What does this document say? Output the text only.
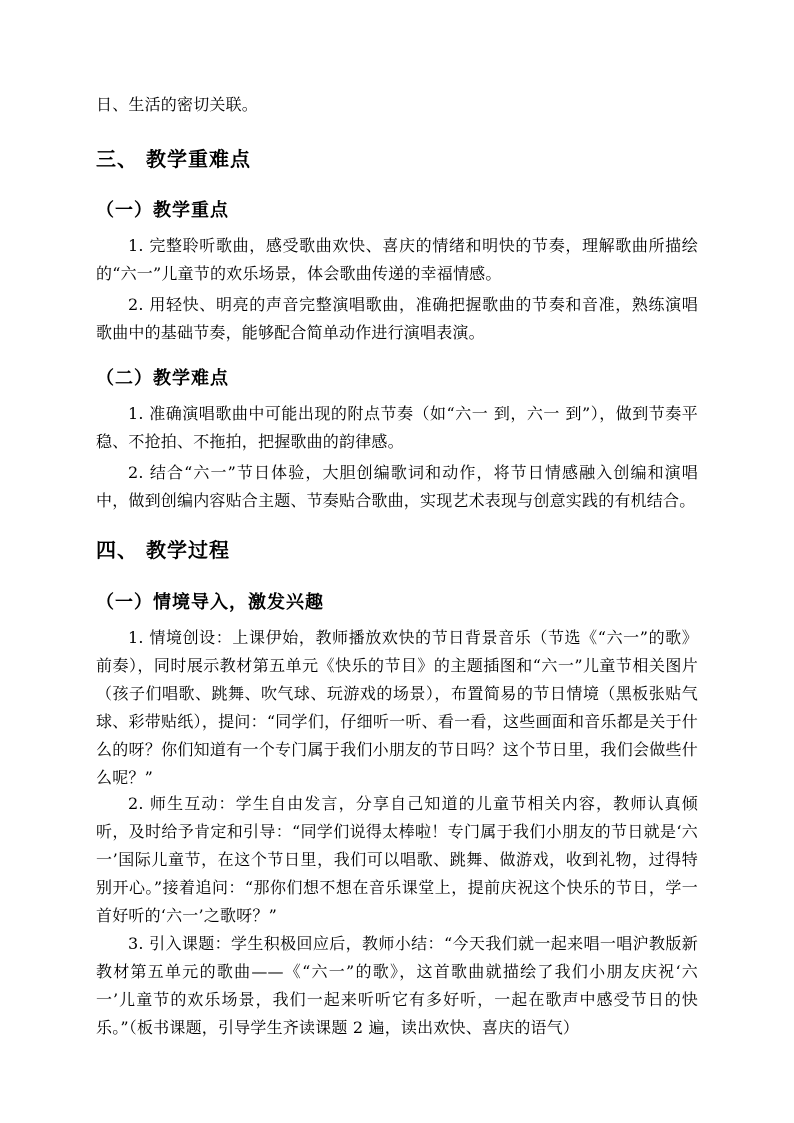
日、生活的密切关联。
三、 教学重难点
（一）教学重点
1. 完整聆听歌曲，感受歌曲欢快、喜庆的情绪和明快的节奏，理解歌曲所描绘的“六一”儿童节的欢乐场景，体会歌曲传递的幸福情感。
2. 用轻快、明亮的声音完整演唱歌曲，准确把握歌曲的节奏和音准，熟练演唱歌曲中的基础节奏，能够配合简单动作进行演唱表演。
（二）教学难点
1. 准确演唱歌曲中可能出现的附点节奏（如“六一 到，六一 到”），做到节奏平稳、不抢拍、不拖拍，把握歌曲的韵律感。
2. 结合“六一”节日体验，大胆创编歌词和动作，将节日情感融入创编和演唱中，做到创编内容贴合主题、节奏贴合歌曲，实现艺术表现与创意实践的有机结合。
四、 教学过程
（一）情境导入，激发兴趣
1. 情境创设：上课伊始，教师播放欢快的节日背景音乐（节选《“六一”的歌》前奏），同时展示教材第五单元《快乐的节目》的主题插图和“六一”儿童节相关图片（孩子们唱歌、跳舞、吹气球、玩游戏的场景），布置简易的节日情境（黑板张贴气球、彩带贴纸），提问：“同学们，仔细听一听、看一看，这些画面和音乐都是关于什么的呀？你们知道有一个专门属于我们小朋友的节日吗？这个节日里，我们会做些什么呢？”
2. 师生互动：学生自由发言，分享自己知道的儿童节相关内容，教师认真倾听，及时给予肯定和引导：“同学们说得太棒啦！专门属于我们小朋友的节日就是‘六一’国际儿童节，在这个节日里，我们可以唱歌、跳舞、做游戏，收到礼物，过得特别开心。”接着追问：“那你们想不想在音乐课堂上，提前庆祝这个快乐的节日，学一首好听的‘六一’之歌呀？”
3. 引入课题：学生积极回应后，教师小结：“今天我们就一起来唱一唱沪教版新教材第五单元的歌曲——《“六一”的歌》，这首歌曲就描绘了我们小朋友庆祝‘六一’儿童节的欢乐场景，我们一起来听听它有多好听，一起在歌声中感受节日的快乐。”（板书课题，引导学生齐读课题 2 遍，读出欢快、喜庆的语气）
